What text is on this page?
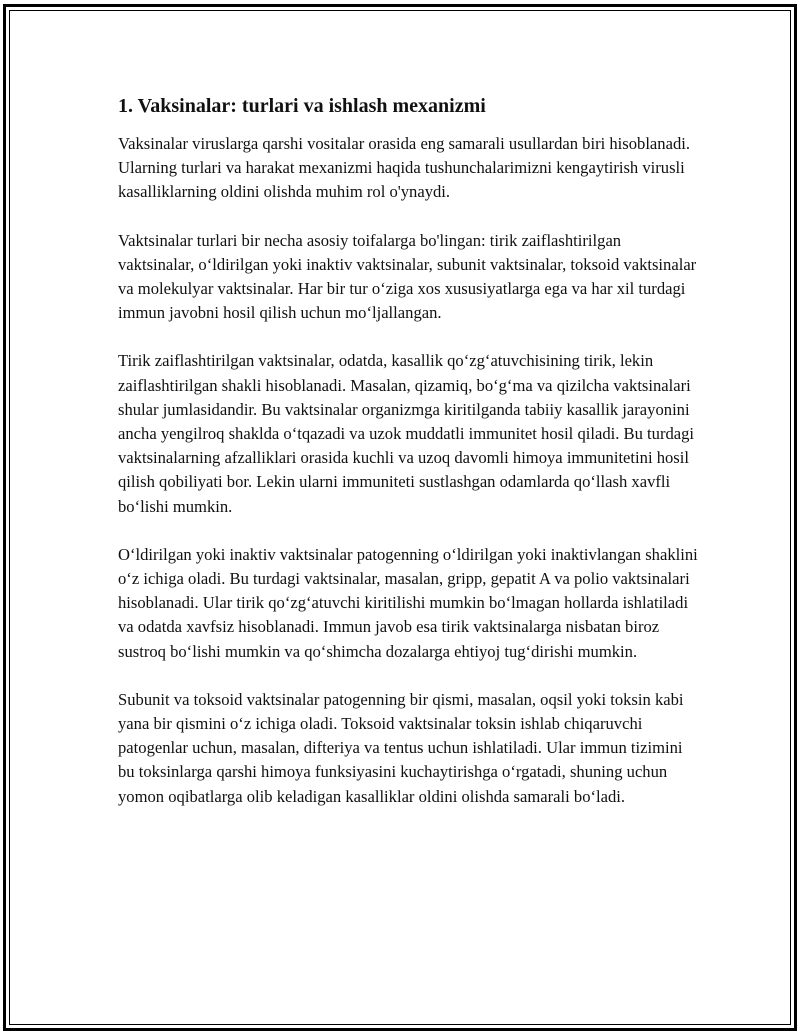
1. Vaksinalar: turlari va ishlash mexanizmi

Vaksinalar viruslarga qarshi vositalar orasida eng samarali usullardan biri hisoblanadi. Ularning turlari va harakat mexanizmi haqida tushunchalarimizni kengaytirish virusli kasalliklarning oldini olishda muhim rol o'ynaydi.

Vaktsinalar turlari bir necha asosiy toifalarga bo'lingan: tirik zaiflashtirilgan vaktsinalar, o‘ldirilgan yoki inaktiv vaktsinalar, subunit vaktsinalar, toksoid vaktsinalar va molekulyar vaktsinalar. Har bir tur o‘ziga xos xususiyatlarga ega va har xil turdagi immun javobni hosil qilish uchun mo‘ljallangan.

Tirik zaiflashtirilgan vaktsinalar, odatda, kasallik qo‘zg‘atuvchisining tirik, lekin zaiflashtirilgan shakli hisoblanadi. Masalan, qizamiq, bo‘g‘ma va qizilcha vaktsinalari shular jumlasidandir. Bu vaktsinalar organizmga kiritilganda tabiiy kasallik jarayonini ancha yengilroq shaklda o‘tqazadi va uzok muddatli immunitet hosil qiladi. Bu turdagi vaktsinalarning afzalliklari orasida kuchli va uzoq davomli himoya immunitetini hosil qilish qobiliyati bor. Lekin ularni immuniteti sustlashgan odamlarda qo‘llash xavfli bo‘lishi mumkin.

O‘ldirilgan yoki inaktiv vaktsinalar patogenning o‘ldirilgan yoki inaktivlangan shaklini o‘z ichiga oladi. Bu turdagi vaktsinalar, masalan, gripp, gepatit A va polio vaktsinalari hisoblanadi. Ular tirik qo‘zg‘atuvchi kiritilishi mumkin bo‘lmagan hollarda ishlatiladi va odatda xavfsiz hisoblanadi. Immun javob esa tirik vaktsinalarga nisbatan biroz sustroq bo‘lishi mumkin va qo‘shimcha dozalarga ehtiyoj tug‘dirishi mumkin.

Subunit va toksoid vaktsinalar patogenning bir qismi, masalan, oqsil yoki toksin kabi yana bir qismini o‘z ichiga oladi. Toksoid vaktsinalar toksin ishlab chiqaruvchi patogenlar uchun, masalan, difteriya va tentus uchun ishlatiladi. Ular immun tizimini bu toksinlarga qarshi himoya funksiyasini kuchaytirishga o‘rgatadi, shuning uchun yomon oqibatlarga olib keladigan kasalliklar oldini olishda samarali bo‘ladi.
